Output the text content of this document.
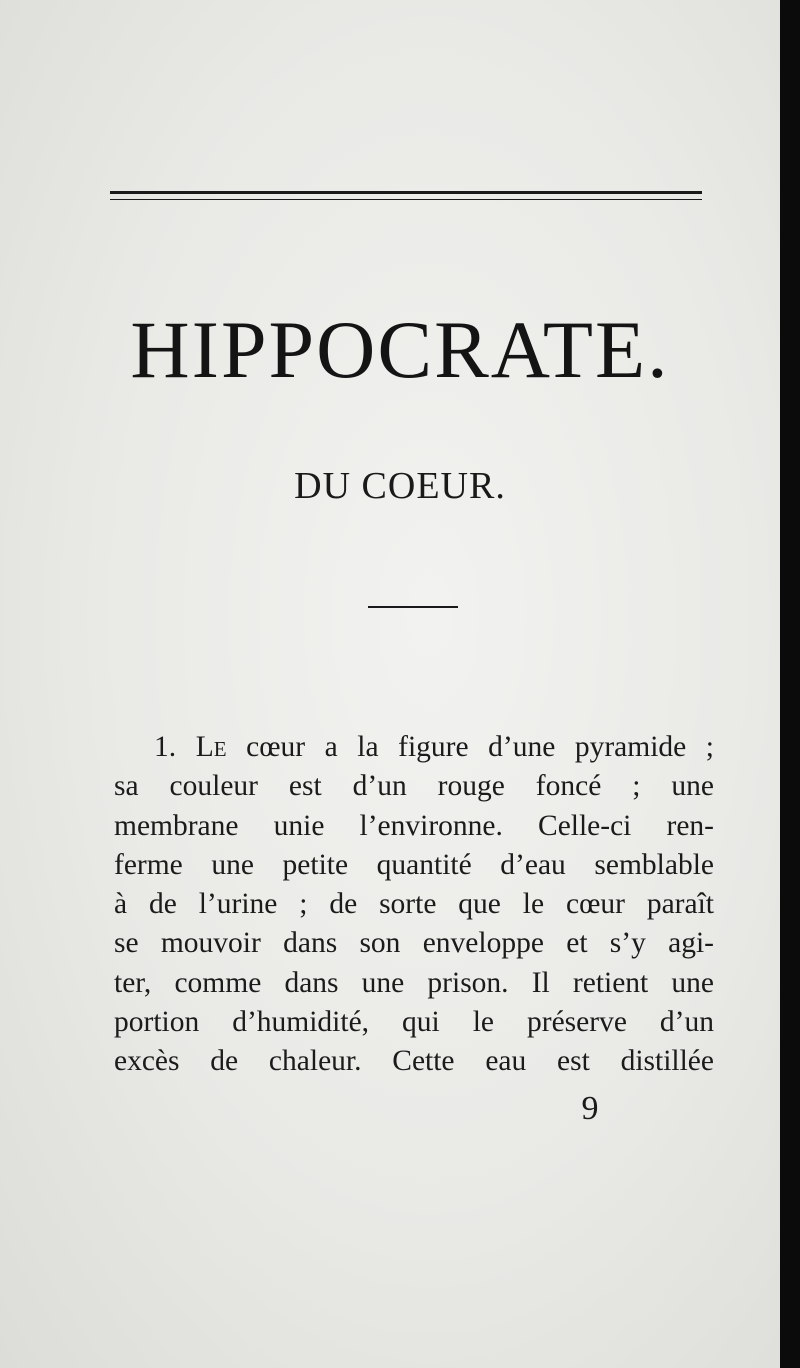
HIPPOCRATE.
DU COEUR.
1. Le cœur a la figure d’une pyramide ;
sa couleur est d’un rouge foncé ; une
membrane unie l’environne. Celle-ci ren-
ferme une petite quantité d’eau semblable
à de l’urine ; de sorte que le cœur paraît
se mouvoir dans son enveloppe et s’y agi-
ter, comme dans une prison. Il retient une
portion d’humidité, qui le préserve d’un
excès de chaleur. Cette eau est distillée
9
